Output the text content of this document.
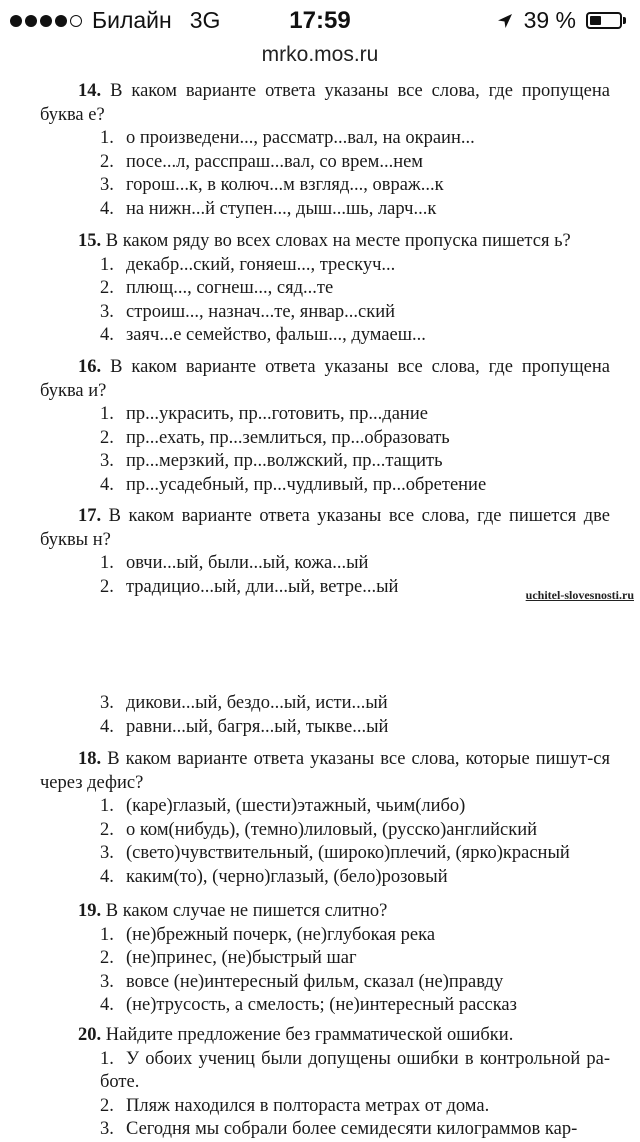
Билайн 3G	17:59	39 %
mrko.mos.ru

14. В каком варианте ответа указаны все слова, где пропущена буква е?

1. о произведени..., рассматр...вал, на окраин...

2. посе...л, расспраш...вал, со врем...нем

3. горош...к, в колюч...м взгляд..., овраж...к

4. на нижн...й ступен..., дыш...шь, ларч...к

15. В каком ряду во всех словах на месте пропуска пишется ь?

1. декабр...ский, гоняеш..., трескуч...

2. плющ..., согнеш..., сяд...те

3. строиш..., назнач...те, январ...ский

4. заяч...е семейство, фальш..., думаеш...

16. В каком варианте ответа указаны все слова, где пропущена буква и?

1. пр...украсить, пр...готовить, пр...дание

2. пр...ехать, пр...землиться, пр...образовать

3. пр...мерзкий, пр...волжский, пр...тащить

4. пр...усадебный, пр...чудливый, пр...обретение

17. В каком варианте ответа указаны все слова, где пишется две буквы н?

1. овчи...ый, были...ый, кожа...ый

2. традицио...ый, дли...ый, ветре...ый	uchitel-slovesnosti.ru

3. дикови...ый, бездо...ый, исти...ый

4. равни...ый, багря...ый, тыкве...ый

18. В каком варианте ответа указаны все слова, которые пишут-ся через дефис?

1. (каре)глазый, (шести)этажный, чьим(либо)

2. о ком(нибудь), (темно)лиловый, (русско)английский

3. (свето)чувствительный, (широко)плечий, (ярко)красный

4. каким(то), (черно)глазый, (бело)розовый

19. В каком случае не пишется слитно?

1. (не)брежный почерк, (не)глубокая река

2. (не)принес, (не)быстрый шаг

3. вовсе (не)интересный фильм, сказал (не)правду

4. (не)трусость, а смелость; (не)интересный рассказ

20. Найдите предложение без грамматической ошибки.

1. У обоих учениц были допущены ошибки в контрольной ра-боте.

2. Пляж находился в полтораста метрах от дома.

3. Сегодня мы собрали более семидесяти килограммов кар-
